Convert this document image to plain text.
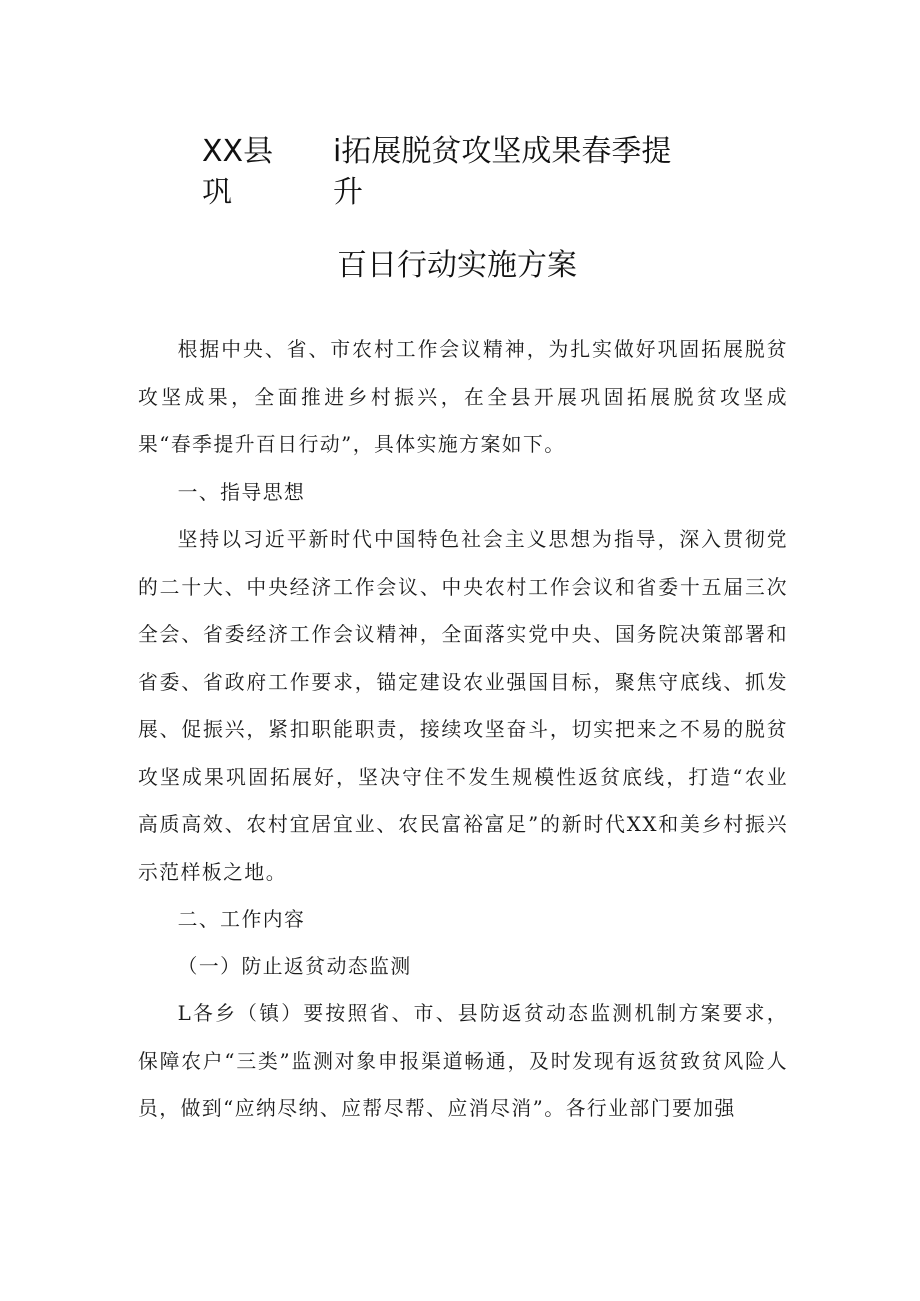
XX县
巩
i拓展脱贫攻坚成果春季提
升
百日行动实施方案

根据中央、省、市农村工作会议精神，为扎实做好巩固拓展脱贫攻坚成果，全面推进乡村振兴，在全县开展巩固拓展脱贫攻坚成果“春季提升百日行动”，具体实施方案如下。

一、指导思想

坚持以习近平新时代中国特色社会主义思想为指导，深入贯彻党的二十大、中央经济工作会议、中央农村工作会议和省委十五届三次全会、省委经济工作会议精神，全面落实党中央、国务院决策部署和省委、省政府工作要求，锚定建设农业强国目标，聚焦守底线、抓发展、促振兴，紧扣职能职责，接续攻坚奋斗，切实把来之不易的脱贫攻坚成果巩固拓展好，坚决守住不发生规模性返贫底线，打造“农业高质高效、农村宜居宜业、农民富裕富足”的新时代XX和美乡村振兴示范样板之地。

二、工作内容

（一）防止返贫动态监测

L各乡（镇）要按照省、市、县防返贫动态监测机制方案要求，保障农户“三类”监测对象申报渠道畅通，及时发现有返贫致贫风险人员，做到“应纳尽纳、应帮尽帮、应消尽消”。各行业部门要加强
